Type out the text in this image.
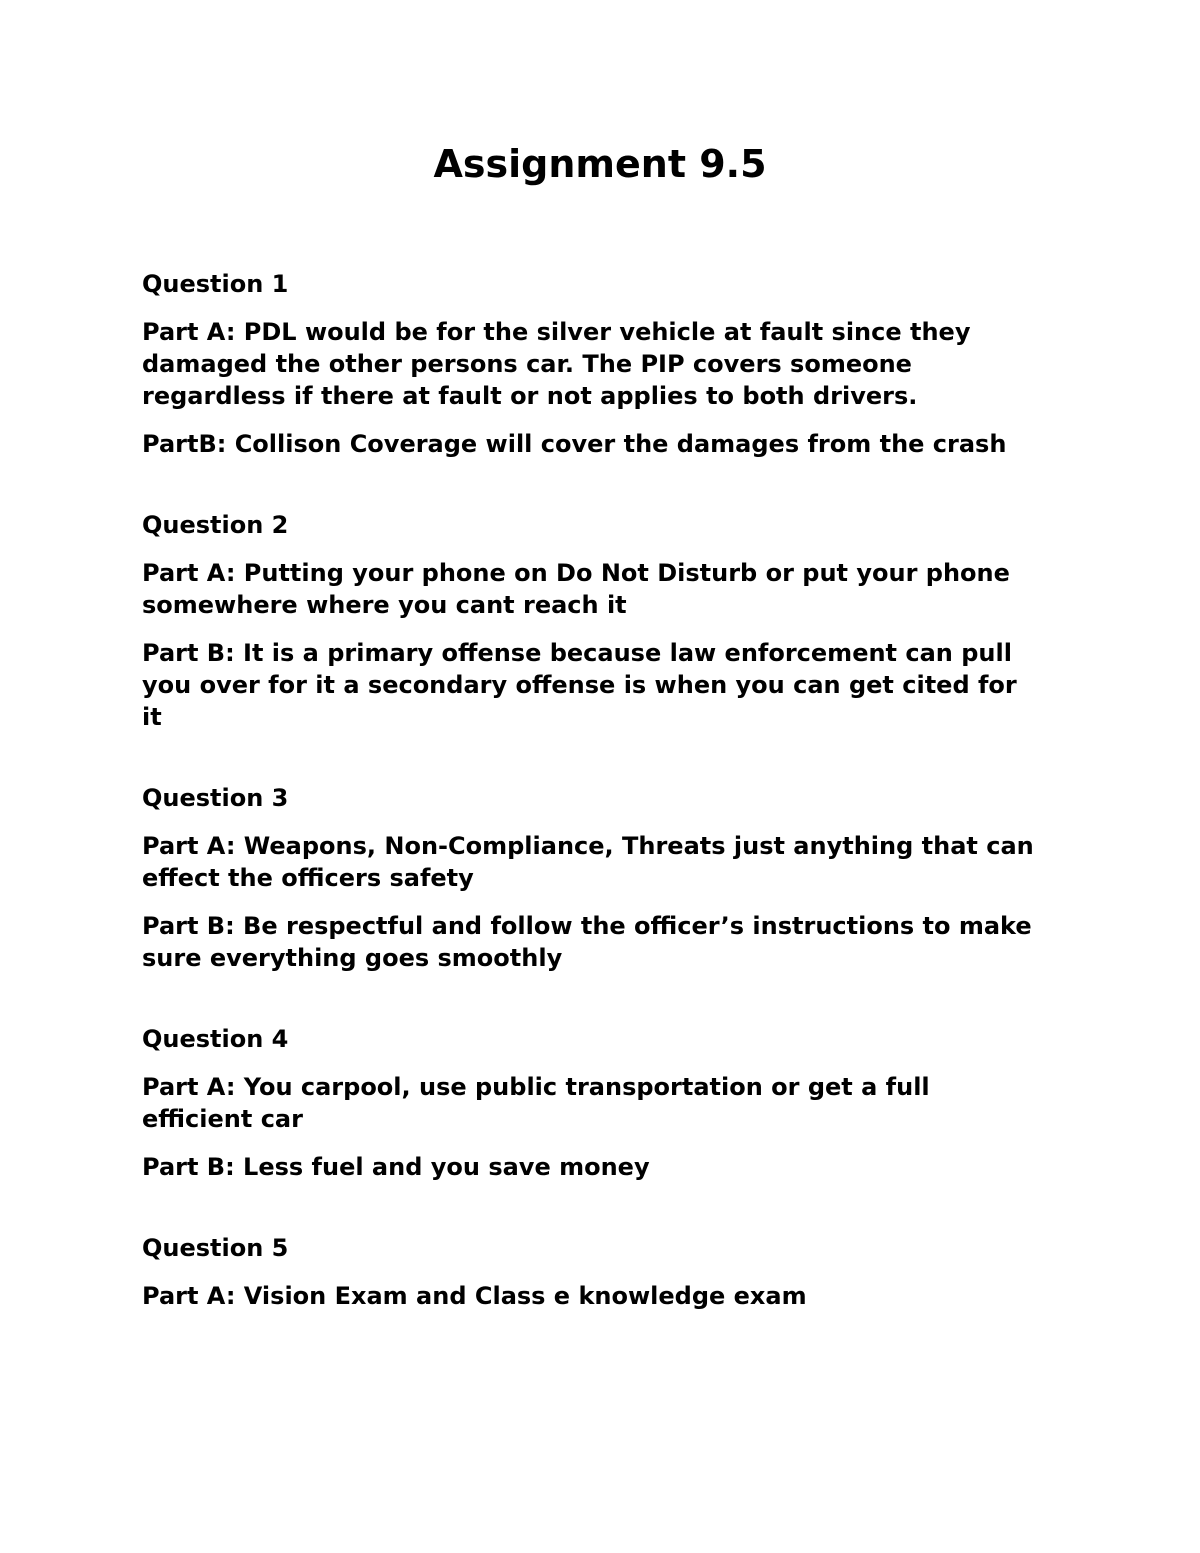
Assignment 9.5

Question 1

Part A: PDL would be for the silver vehicle at fault since they damaged the other persons car. The PIP covers someone regardless if there at fault or not applies to both drivers.

PartB: Collison Coverage will cover the damages from the crash

Question 2

Part A: Putting your phone on Do Not Disturb or put your phone somewhere where you cant reach it

Part B: It is a primary offense because law enforcement can pull you over for it a secondary offense is when you can get cited for it

Question 3

Part A: Weapons, Non-Compliance, Threats just anything that can effect the officers safety

Part B: Be respectful and follow the officer’s instructions to make sure everything goes smoothly

Question 4

Part A: You carpool, use public transportation or get a full efficient car

Part B: Less fuel and you save money

Question 5

Part A: Vision Exam and Class e knowledge exam
